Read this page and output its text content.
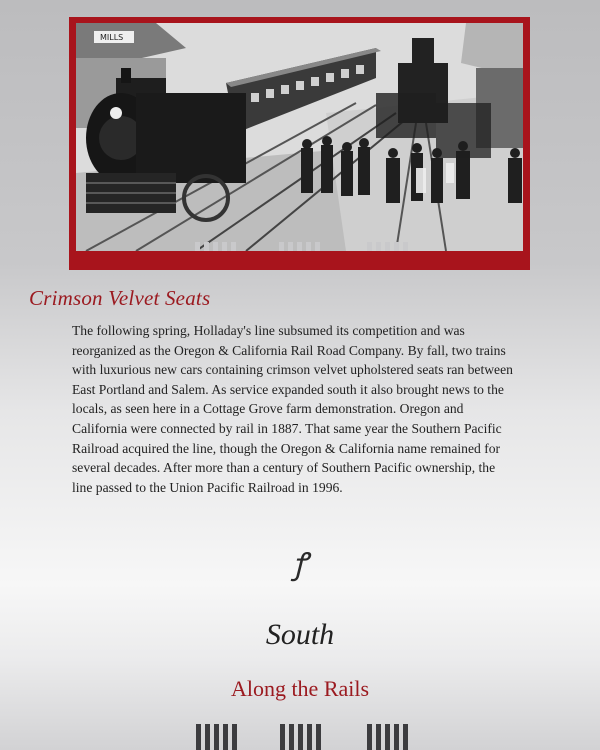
MILLS
Crimson Velvet Seats

The following spring, Holladay's line subsumed its competition and was reorganized as the Oregon & California Rail Road Company. By fall, two trains with luxurious new cars containing crimson velvet upholstered seats ran between East Portland and Salem. As service expanded south it also brought news to the locals, as seen here in a Cottage Grove farm demonstration. Oregon and California were connected by rail in 1887. That same year the Southern Pacific Railroad acquired the line, though the Oregon & California name remained for several decades. After more than a century of Southern Pacific ownership, the line passed to the Union Pacific Railroad in 1996.

ꝭ
South
Along the Rails
